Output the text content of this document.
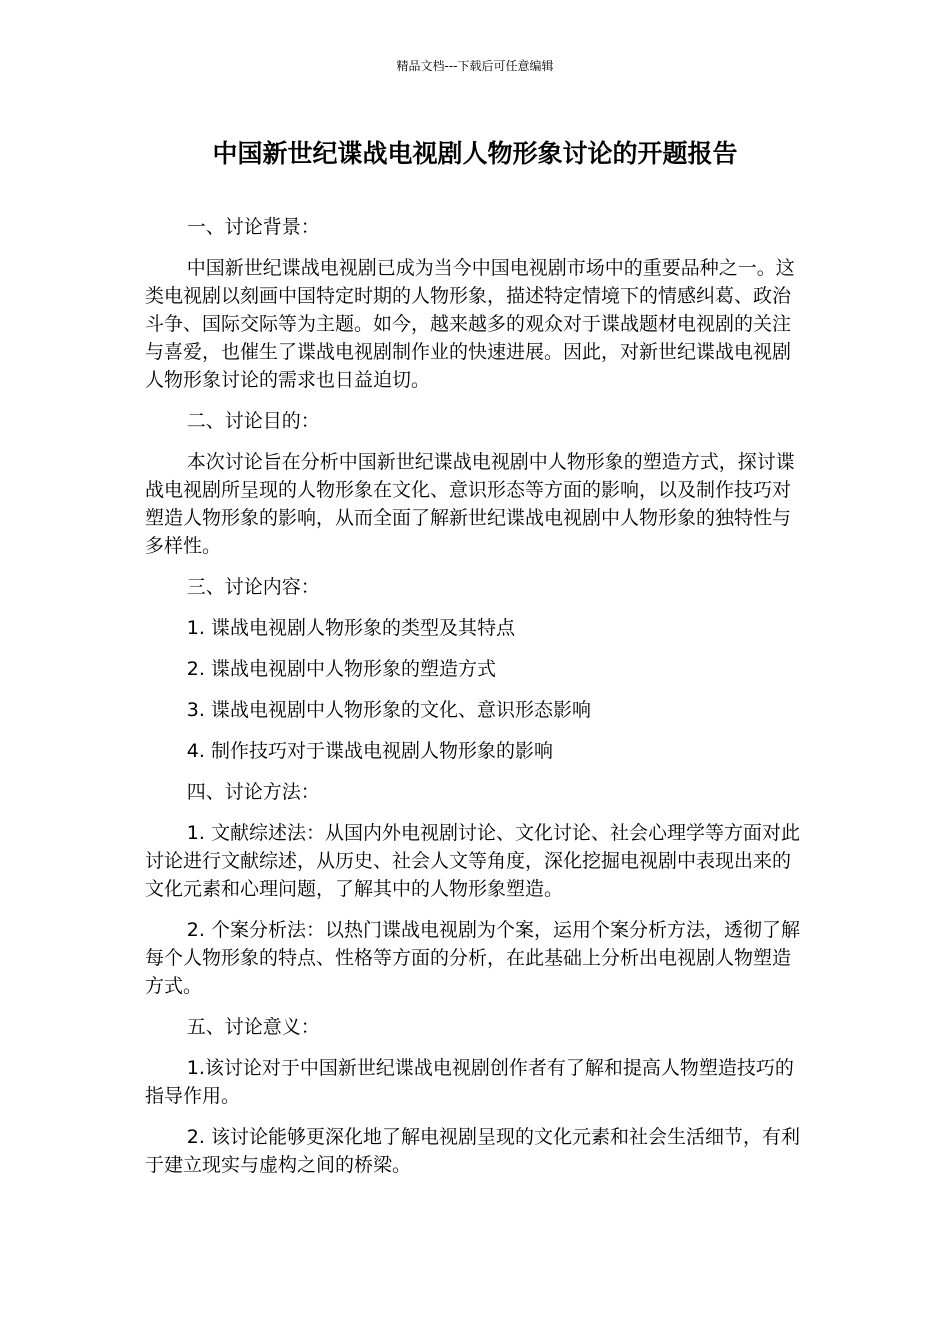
精品文档---下载后可任意编辑
中国新世纪谍战电视剧人物形象讨论的开题报告

一、讨论背景：

中国新世纪谍战电视剧已成为当今中国电视剧市场中的重要品种之一。这类电视剧以刻画中国特定时期的人物形象，描述特定情境下的情感纠葛、政治斗争、国际交际等为主题。如今，越来越多的观众对于谍战题材电视剧的关注与喜爱，也催生了谍战电视剧制作业的快速进展。因此，对新世纪谍战电视剧人物形象讨论的需求也日益迫切。

二、讨论目的：

本次讨论旨在分析中国新世纪谍战电视剧中人物形象的塑造方式，探讨谍战电视剧所呈现的人物形象在文化、意识形态等方面的影响，以及制作技巧对塑造人物形象的影响，从而全面了解新世纪谍战电视剧中人物形象的独特性与多样性。

三、讨论内容：

1. 谍战电视剧人物形象的类型及其特点

2. 谍战电视剧中人物形象的塑造方式

3. 谍战电视剧中人物形象的文化、意识形态影响

4. 制作技巧对于谍战电视剧人物形象的影响

四、讨论方法：

1. 文献综述法：从国内外电视剧讨论、文化讨论、社会心理学等方面对此讨论进行文献综述，从历史、社会人文等角度，深化挖掘电视剧中表现出来的文化元素和心理问题，了解其中的人物形象塑造。

2. 个案分析法：以热门谍战电视剧为个案，运用个案分析方法，透彻了解每个人物形象的特点、性格等方面的分析，在此基础上分析出电视剧人物塑造方式。

五、讨论意义：

1.该讨论对于中国新世纪谍战电视剧创作者有了解和提高人物塑造技巧的指导作用。

2. 该讨论能够更深化地了解电视剧呈现的文化元素和社会生活细节，有利于建立现实与虚构之间的桥梁。
